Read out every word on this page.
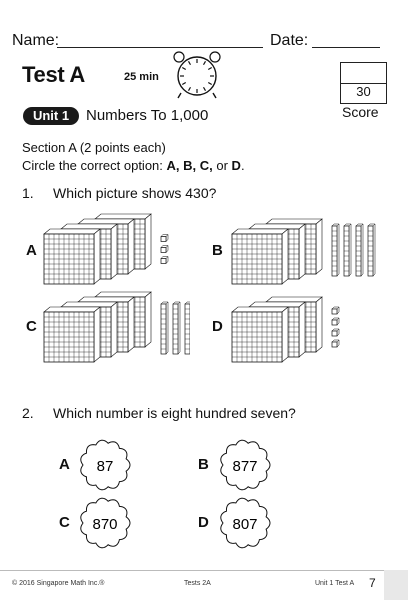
Name:	Date:
Test A	25 min
30
Score
Unit 1	Numbers To 1,000
Section A (2 points each)
Circle the correct option: A, B, C, or D.
1. Which picture shows 430?
A	B
C	D
2. Which number is eight hundred seven?
A	B
C	D
87	877
870	807
© 2016 Singapore Math Inc.®	Tests 2A	Unit 1 Test A 7
